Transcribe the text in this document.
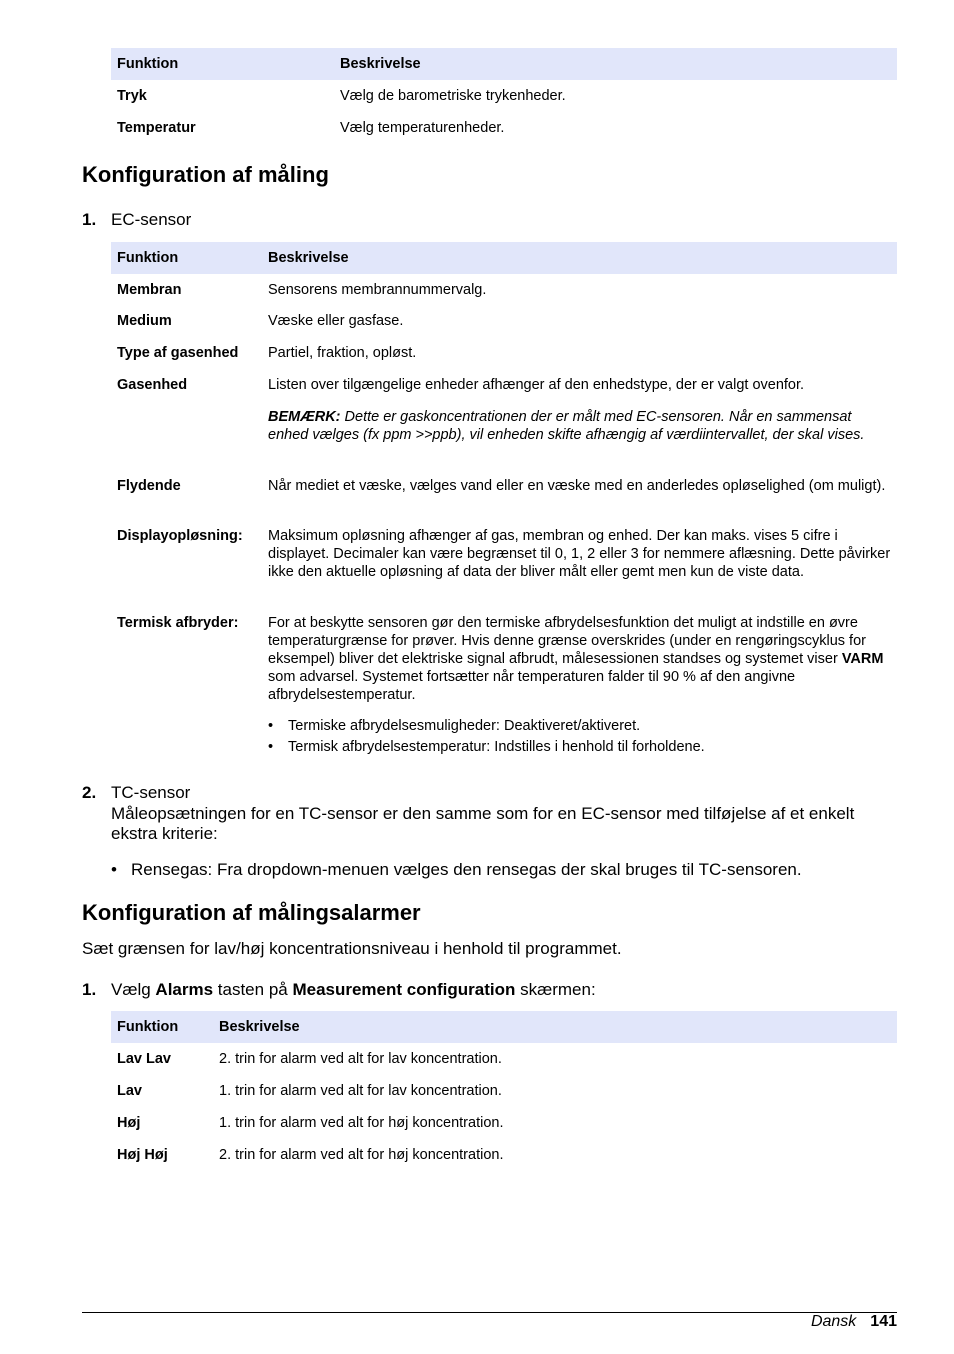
Funktion	Beskrivelse
Tryk	Vælg de barometriske trykenheder.
Temperatur	Vælg temperaturenheder.
Konfiguration af måling
1. EC-sensor
Funktion	Beskrivelse
Membran	Sensorens membrannummervalg.
Medium	Væske eller gasfase.
Type af gasenhed	Partiel, fraktion, opløst.
Gasenhed	Listen over tilgængelige enheder afhænger af den enhedstype, der er valgt ovenfor.
BEMÆRK: Dette er gaskoncentrationen der er målt med EC-sensoren. Når en sammensat enhed vælges (fx ppm >>ppb), vil enheden skifte afhængig af værdiintervallet, der skal vises.

Flydende	Når mediet et væske, vælges vand eller en væske med en anderledes opløselighed (om muligt).
Displayopløsning:	Maksimum opløsning afhænger af gas, membran og enhed. Der kan maks. vises 5 cifre i displayet. Decimaler kan være begrænset til 0, 1, 2 eller 3 for nemmere aflæsning. Dette påvirker ikke den aktuelle opløsning af data der bliver målt eller gemt men kun de viste data.
Termisk afbryder:	For at beskytte sensoren gør den termiske afbrydelsesfunktion det muligt at indstille en øvre temperaturgrænse for prøver. Hvis denne grænse overskrides (under en rengøringscyklus for eksempel) bliver det elektriske signal afbrudt, målesessionen standses og systemet viser VARM som advarsel. Systemet fortsætter når temperaturen falder til 90 % af den angivne afbrydelsestemperatur.
• Termiske afbrydelsesmuligheder: Deaktiveret/aktiveret.
• Termisk afbrydelsestemperatur: Indstilles i henhold til forholdene.
2. TC-sensor
Måleopsætningen for en TC-sensor er den samme som for en EC-sensor med tilføjelse af et enkelt ekstra kriterie:
• Rensegas: Fra dropdown-menuen vælges den rensegas der skal bruges til TC-sensoren.
Konfiguration af målingsalarmer

Sæt grænsen for lav/høj koncentrationsniveau i henhold til programmet.

1. Vælg Alarms tasten på Measurement configuration skærmen:
Funktion	Beskrivelse
Lav Lav	2. trin for alarm ved alt for lav koncentration.
Lav	1. trin for alarm ved alt for lav koncentration.
Høj	1. trin for alarm ved alt for høj koncentration.
Høj Høj	2. trin for alarm ved alt for høj koncentration.
Dansk 141
